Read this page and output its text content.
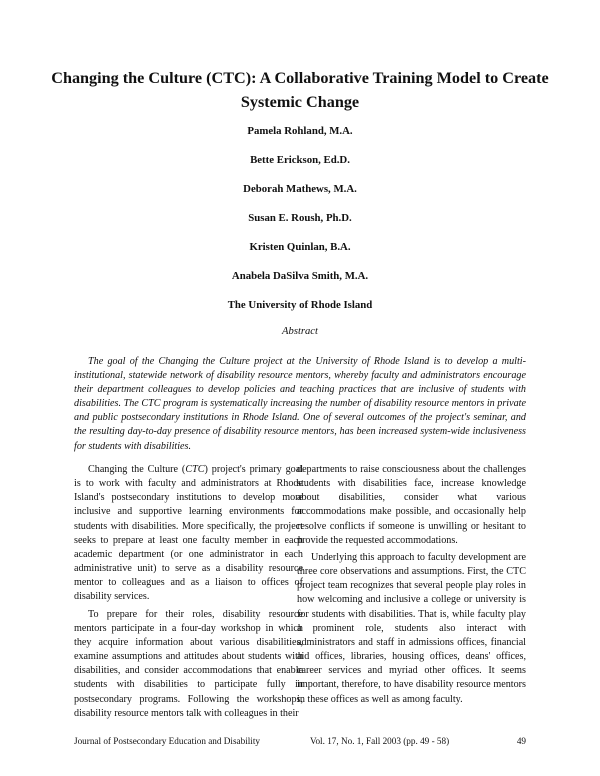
Changing the Culture (CTC): A Collaborative Training Model to Create Systemic Change
Pamela Rohland, M.A.
Bette Erickson, Ed.D.
Deborah Mathews, M.A.
Susan E. Roush, Ph.D.
Kristen Quinlan, B.A.
Anabela DaSilva Smith, M.A.
The University of Rhode Island
Abstract

The goal of the Changing the Culture project at the University of Rhode Island is to develop a multi-institutional, statewide network of disability resource mentors, whereby faculty and administrators encourage their department colleagues to develop policies and teaching practices that are inclusive of students with disabilities. The CTC program is systematically increasing the number of disability resource mentors in private and public postsecondary institutions in Rhode Island. One of several outcomes of the project's seminar, and the resulting day-to-day presence of disability resource mentors, has been increased system-wide inclusiveness for students with disabilities.

Changing the Culture (CTC) project's primary goal is to work with faculty and administrators at Rhode Island's postsecondary institutions to develop more inclusive and supportive learning environments for students with disabilities. More specifically, the project seeks to prepare at least one faculty member in each academic department (or one administrator in each administrative unit) to serve as a disability resource mentor to colleagues and as a liaison to offices of disability services.

To prepare for their roles, disability resource mentors participate in a four-day workshop in which they acquire information about various disabilities, examine assumptions and attitudes about students with disabilities, and consider accommodations that enable students with disabilities to participate fully in postsecondary programs. Following the workshops, disability resource mentors talk with colleagues in their

departments to raise consciousness about the challenges students with disabilities face, increase knowledge about disabilities, consider what various accommodations make possible, and occasionally help resolve conflicts if someone is unwilling or hesitant to provide the requested accommodations.

Underlying this approach to faculty development are three core observations and assumptions. First, the CTC project team recognizes that several people play roles in how welcoming and inclusive a college or university is for students with disabilities. That is, while faculty play a prominent role, students also interact with administrators and staff in admissions offices, financial aid offices, libraries, housing offices, deans' offices, career services and myriad other offices. It seems important, therefore, to have disability resource mentors in these offices as well as among faculty.

Journal of Postsecondary Education and Disability	Vol. 17, No. 1, Fall 2003 (pp. 49 - 58)	49
